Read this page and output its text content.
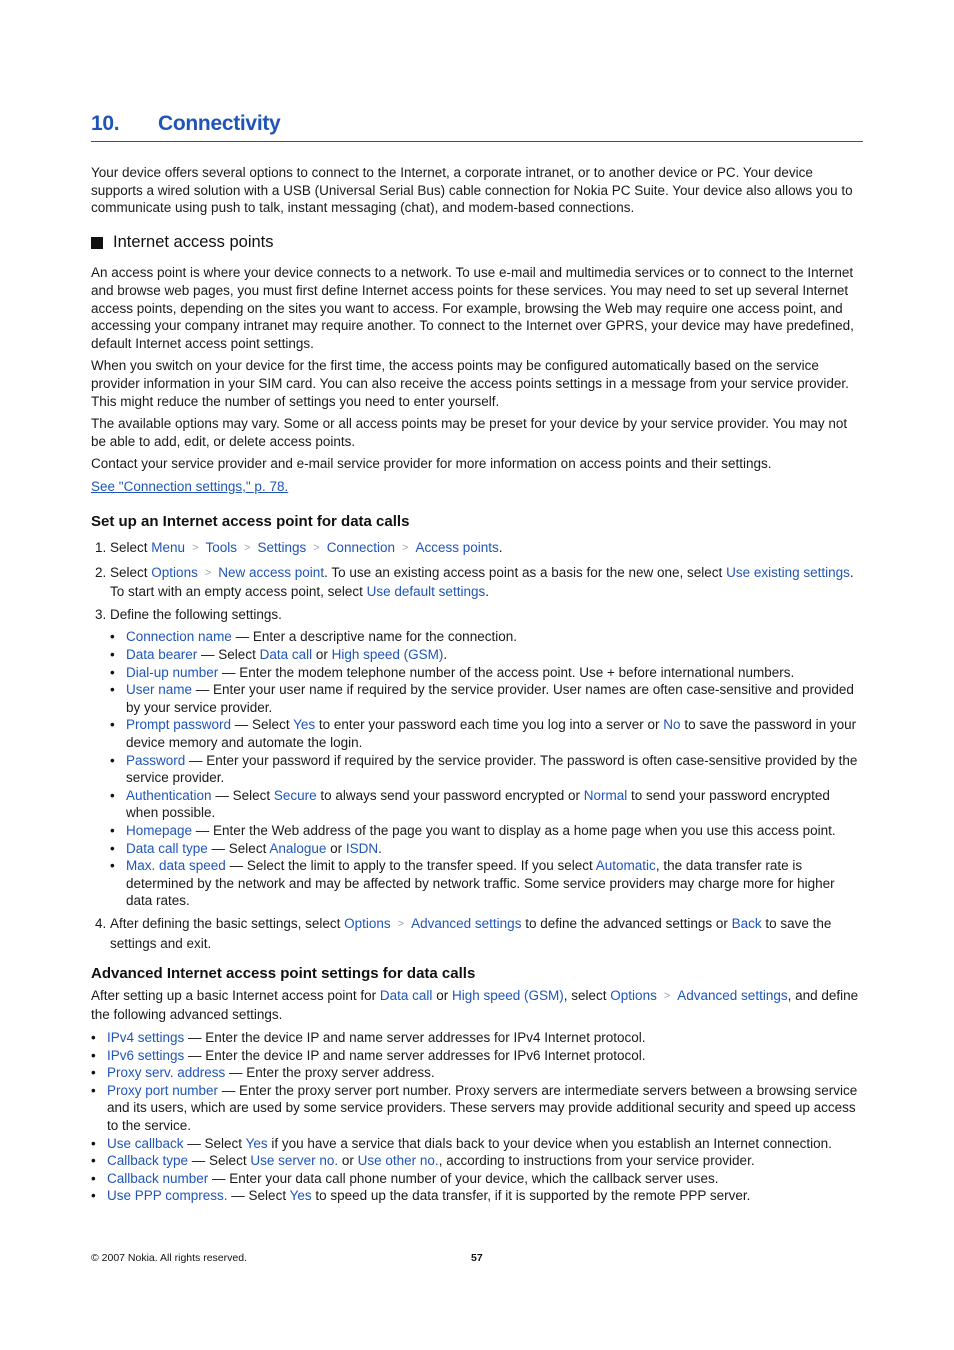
10.	Connectivity

Your device offers several options to connect to the Internet, a corporate intranet, or to another device or PC. Your device supports a wired solution with a USB (Universal Serial Bus) cable connection for Nokia PC Suite. Your device also allows you to communicate using push to talk, instant messaging (chat), and modem-based connections.

Internet access points

An access point is where your device connects to a network. To use e-mail and multimedia services or to connect to the Internet and browse web pages, you must first define Internet access points for these services. You may need to set up several Internet access points, depending on the sites you want to access. For example, browsing the Web may require one access point, and accessing your company intranet may require another. To connect to the Internet over GPRS, your device may have predefined, default Internet access point settings.

When you switch on your device for the first time, the access points may be configured automatically based on the service provider information in your SIM card. You can also receive the access points settings in a message from your service provider. This might reduce the number of settings you need to enter yourself.

The available options may vary. Some or all access points may be preset for your device by your service provider. You may not be able to add, edit, or delete access points.

Contact your service provider and e-mail service provider for more information on access points and their settings.

See "Connection settings," p. 78.

Set up an Internet access point for data calls
1. Select Menu > Tools > Settings > Connection > Access points.
2. Select Options > New access point. To use an existing access point as a basis for the new one, select Use existing settings. To start with an empty access point, select Use default settings.
3. Define the following settings.
• Connection name — Enter a descriptive name for the connection.
• Data bearer — Select Data call or High speed (GSM).
• Dial-up number — Enter the modem telephone number of the access point. Use + before international numbers.
• User name — Enter your user name if required by the service provider. User names are often case-sensitive and provided by your service provider.
• Prompt password — Select Yes to enter your password each time you log into a server or No to save the password in your device memory and automate the login.
• Password — Enter your password if required by the service provider. The password is often case-sensitive provided by the service provider.
• Authentication — Select Secure to always send your password encrypted or Normal to send your password encrypted when possible.
• Homepage — Enter the Web address of the page you want to display as a home page when you use this access point.
• Data call type — Select Analogue or ISDN.
• Max. data speed — Select the limit to apply to the transfer speed. If you select Automatic, the data transfer rate is determined by the network and may be affected by network traffic. Some service providers may charge more for higher data rates.
4. After defining the basic settings, select Options > Advanced settings to define the advanced settings or Back to save the settings and exit.
Advanced Internet access point settings for data calls

After setting up a basic Internet access point for Data call or High speed (GSM), select Options > Advanced settings, and define the following advanced settings.

• IPv4 settings — Enter the device IP and name server addresses for IPv4 Internet protocol.
• IPv6 settings — Enter the device IP and name server addresses for IPv6 Internet protocol.
• Proxy serv. address — Enter the proxy server address.
• Proxy port number — Enter the proxy server port number. Proxy servers are intermediate servers between a browsing service and its users, which are used by some service providers. These servers may provide additional security and speed up access to the service.
• Use callback — Select Yes if you have a service that dials back to your device when you establish an Internet connection.
• Callback type — Select Use server no. or Use other no., according to instructions from your service provider.
• Callback number — Enter your data call phone number of your device, which the callback server uses.
• Use PPP compress. — Select Yes to speed up the data transfer, if it is supported by the remote PPP server.
© 2007 Nokia. All rights reserved.	57
